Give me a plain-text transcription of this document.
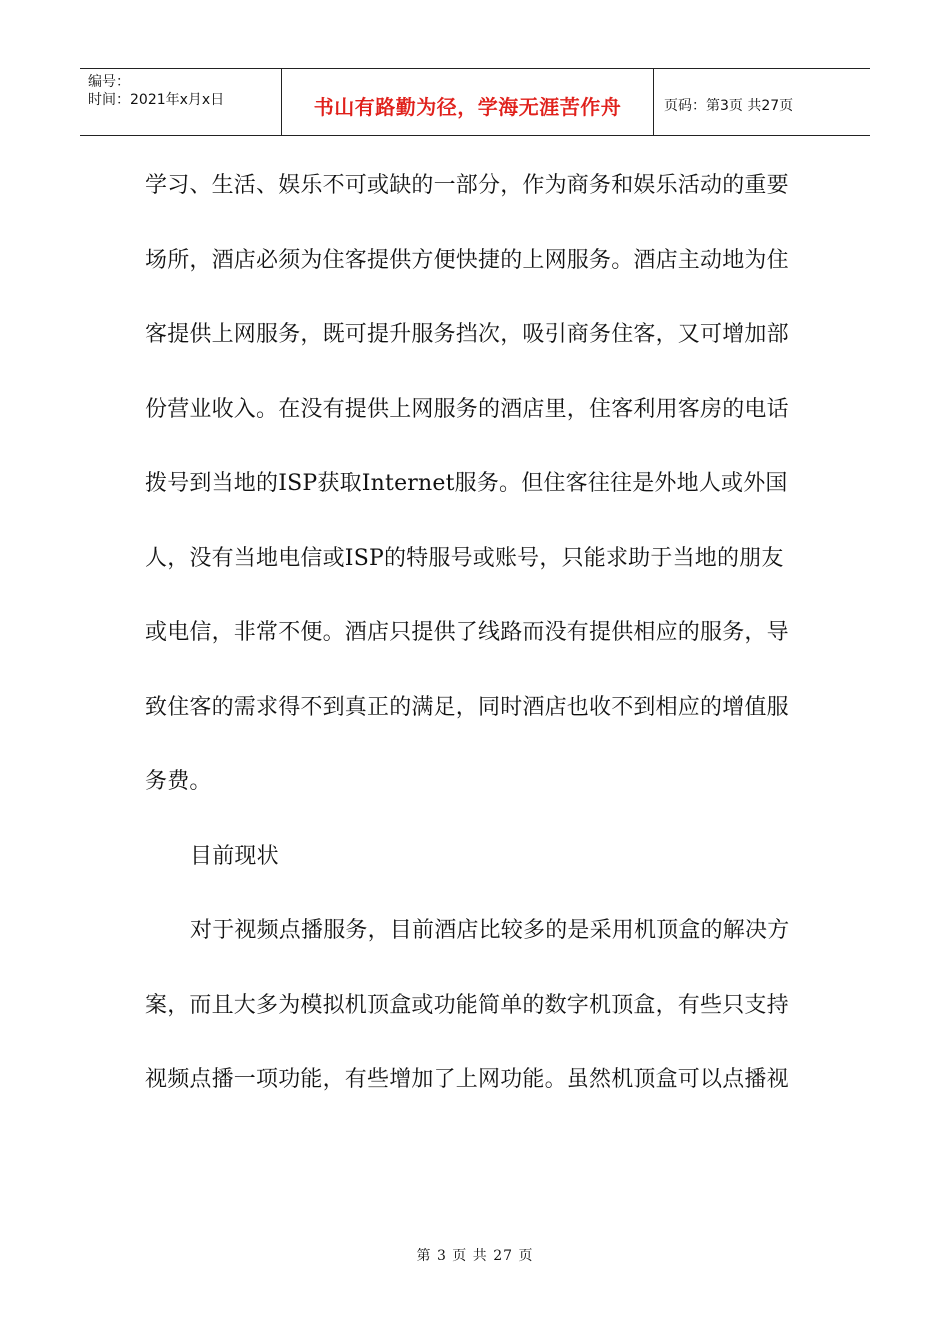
编号：
时间：2021年x月x日	书山有路勤为径，学海无涯苦作舟	页码：第3页 共27页
学习、生活、娱乐不可或缺的一部分，作为商务和娱乐活动的重要
场所，酒店必须为住客提供方便快捷的上网服务。酒店主动地为住
客提供上网服务，既可提升服务挡次，吸引商务住客，又可增加部
份营业收入。在没有提供上网服务的酒店里，住客利用客房的电话
拨号到当地的ISP获取Internet服务。但住客往往是外地人或外国
人，没有当地电信或ISP的特服号或账号，只能求助于当地的朋友
或电信，非常不便。酒店只提供了线路而没有提供相应的服务，导
致住客的需求得不到真正的满足，同时酒店也收不到相应的增值服
务费。
目前现状
对于视频点播服务，目前酒店比较多的是采用机顶盒的解决方
案，而且大多为模拟机顶盒或功能简单的数字机顶盒，有些只支持
视频点播一项功能，有些增加了上网功能。虽然机顶盒可以点播视
第 3 页 共 27 页
